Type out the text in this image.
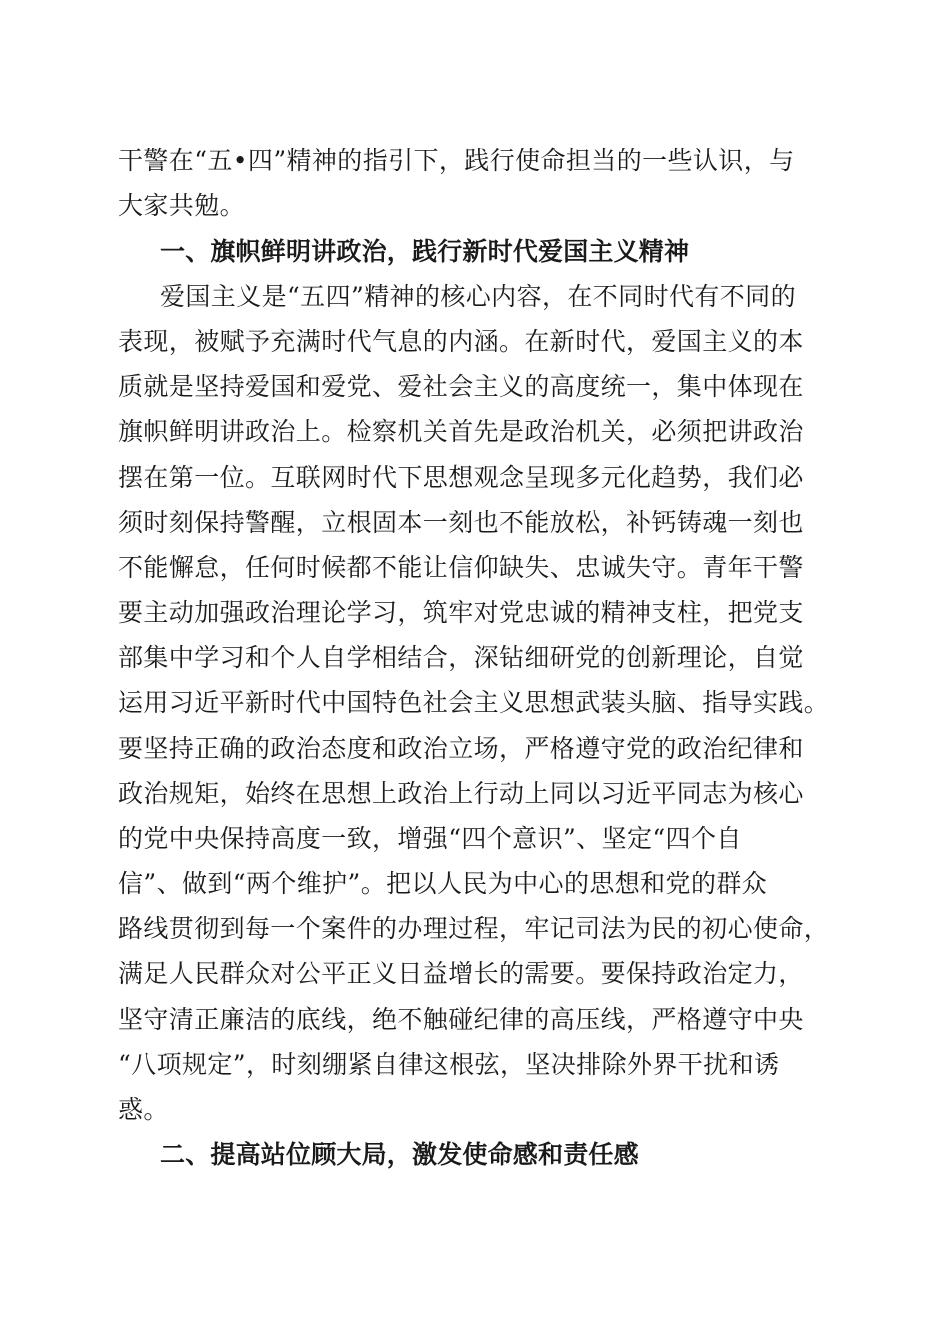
干警在“五•四”精神的指引下，践行使命担当的一些认识，与
大家共勉。
一、旗帜鲜明讲政治，践行新时代爱国主义精神
爱国主义是“五四”精神的核心内容，在不同时代有不同的
表现，被赋予充满时代气息的内涵。在新时代，爱国主义的本
质就是坚持爱国和爱党、爱社会主义的高度统一，集中体现在
旗帜鲜明讲政治上。检察机关首先是政治机关，必须把讲政治
摆在第一位。互联网时代下思想观念呈现多元化趋势，我们必
须时刻保持警醒，立根固本一刻也不能放松，补钙铸魂一刻也
不能懈怠，任何时候都不能让信仰缺失、忠诚失守。青年干警
要主动加强政治理论学习，筑牢对党忠诚的精神支柱，把党支
部集中学习和个人自学相结合，深钻细研党的创新理论，自觉
运用习近平新时代中国特色社会主义思想武装头脑、指导实践。
要坚持正确的政治态度和政治立场，严格遵守党的政治纪律和
政治规矩，始终在思想上政治上行动上同以习近平同志为核心
的党中央保持高度一致，增强“四个意识”、坚定“四个自
信”、做到“两个维护”。把以人民为中心的思想和党的群众
路线贯彻到每一个案件的办理过程，牢记司法为民的初心使命，
满足人民群众对公平正义日益增长的需要。要保持政治定力，
坚守清正廉洁的底线，绝不触碰纪律的高压线，严格遵守中央
“八项规定”，时刻绷紧自律这根弦，坚决排除外界干扰和诱
惑。
二、提高站位顾大局，激发使命感和责任感
